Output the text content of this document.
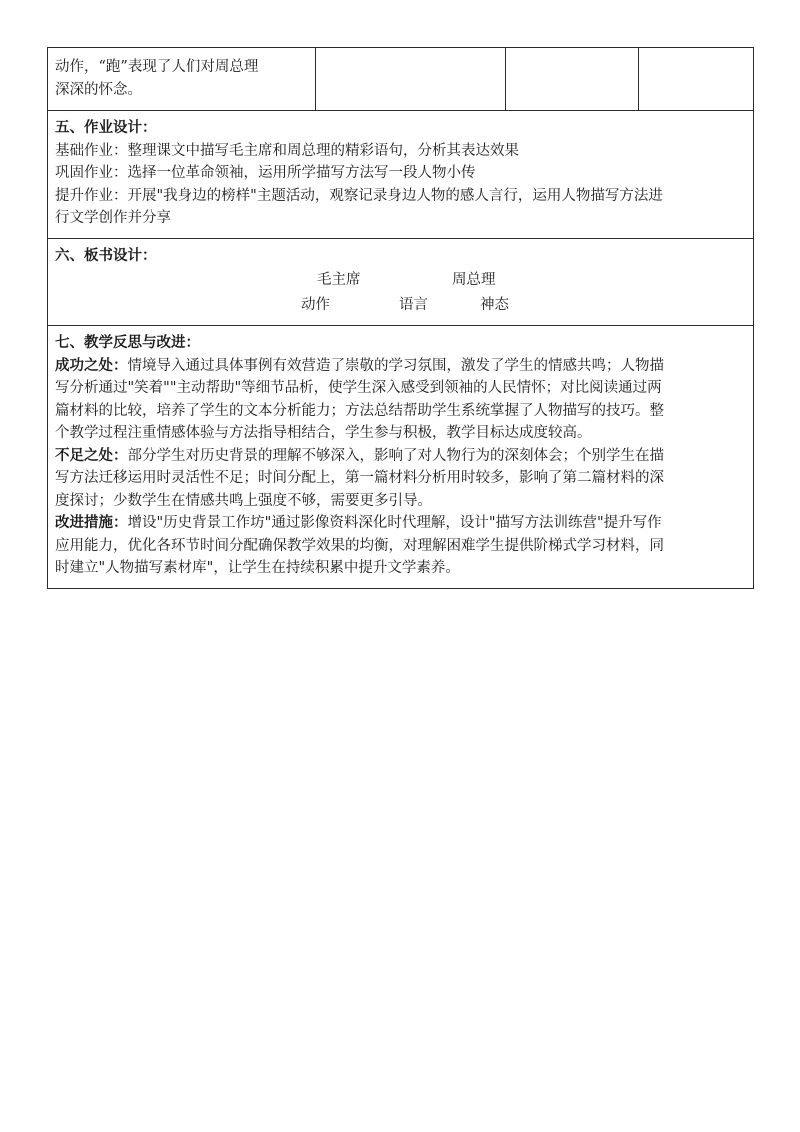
动作，“跑”表现了人们对周总理
深深的怀念。

五、作业设计：

基础作业：整理课文中描写毛主席和周总理的精彩语句，分析其表达效果

巩固作业：选择一位革命领袖，运用所学描写方法写一段人物小传

提升作业：开展"我身边的榜样"主题活动，观察记录身边人物的感人言行，运用人物描写方法进

行文学创作并分享

六、板书设计：
毛主席	周总理
动作	语言	神态

七、教学反思与改进：

成功之处：情境导入通过具体事例有效营造了崇敬的学习氛围，激发了学生的情感共鸣；人物描

写分析通过"笑着""主动帮助"等细节品析，使学生深入感受到领袖的人民情怀；对比阅读通过两

篇材料的比较，培养了学生的文本分析能力；方法总结帮助学生系统掌握了人物描写的技巧。整

个教学过程注重情感体验与方法指导相结合，学生参与积极，教学目标达成度较高。

不足之处：部分学生对历史背景的理解不够深入，影响了对人物行为的深刻体会；个别学生在描

写方法迁移运用时灵活性不足；时间分配上，第一篇材料分析用时较多，影响了第二篇材料的深

度探讨；少数学生在情感共鸣上强度不够，需要更多引导。

改进措施：增设"历史背景工作坊"通过影像资料深化时代理解，设计"描写方法训练营"提升写作

应用能力，优化各环节时间分配确保教学效果的均衡，对理解困难学生提供阶梯式学习材料，同

时建立"人物描写素材库"，让学生在持续积累中提升文学素养。
